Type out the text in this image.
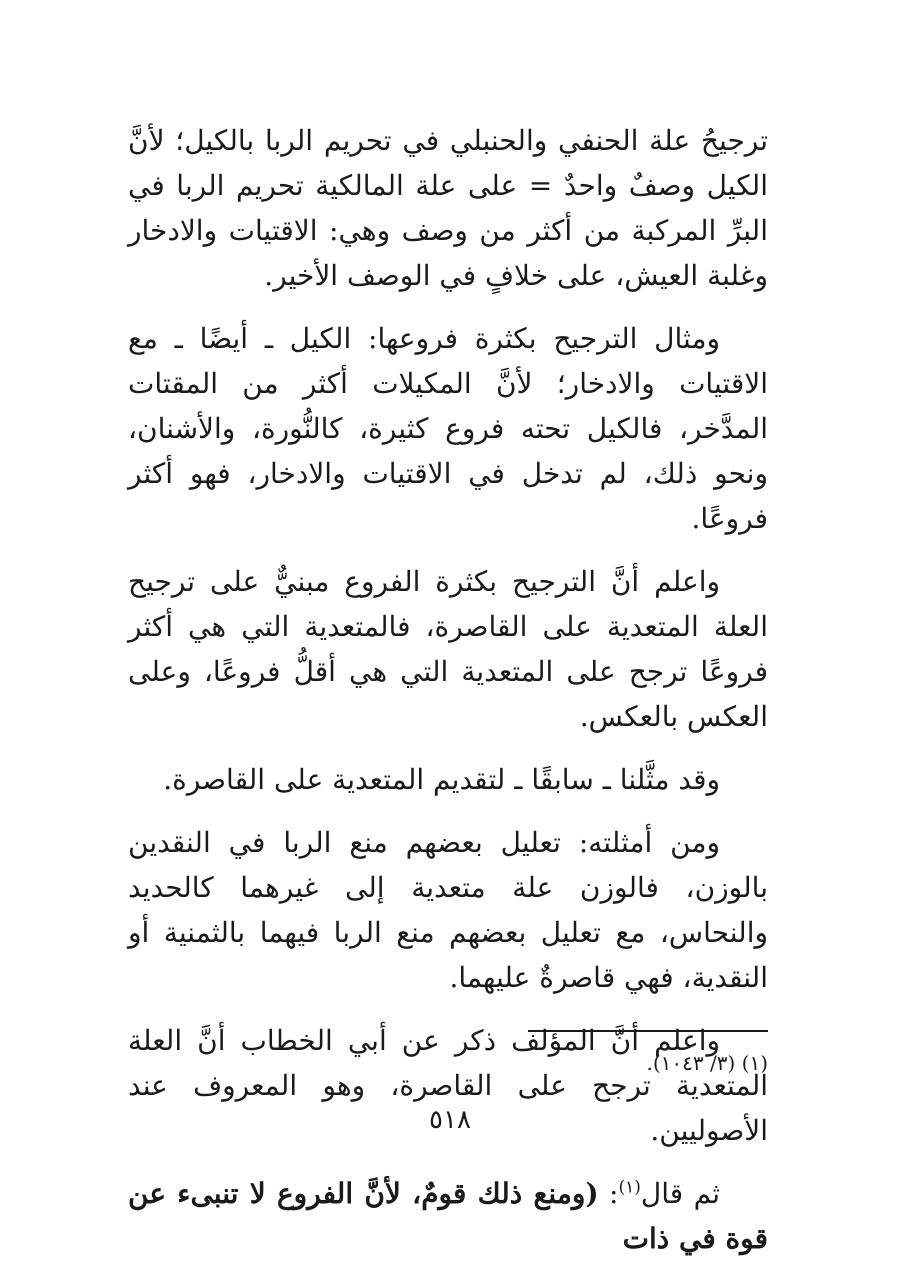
ترجيحُ علة الحنفي والحنبلي في تحريم الربا بالكيل؛ لأنَّ الكيل وصفٌ واحدٌ = على علة المالكية تحريم الربا في البرِّ المركبة من أكثر من وصف وهي: الاقتيات والادخار وغلبة العيش، على خلافٍ في الوصف الأخير.

ومثال الترجيح بكثرة فروعها: الكيل ـ أيضًا ـ مع الاقتيات والادخار؛ لأنَّ المكيلات أكثر من المقتات المدَّخر، فالكيل تحته فروع كثيرة، كالنُّورة، والأشنان، ونحو ذلك، لم تدخل في الاقتيات والادخار، فهو أكثر فروعًا.

واعلم أنَّ الترجيح بكثرة الفروع مبنيٌّ على ترجيح العلة المتعدية على القاصرة، فالمتعدية التي هي أكثر فروعًا ترجح على المتعدية التي هي أقلُّ فروعًا، وعلى العكس بالعكس.

وقد مثَّلنا ـ سابقًا ـ لتقديم المتعدية على القاصرة.

ومن أمثلته: تعليل بعضهم منع الربا في النقدين بالوزن، فالوزن علة متعدية إلى غيرهما كالحديد والنحاس، مع تعليل بعضهم منع الربا فيهما بالثمنية أو النقدية، فهي قاصرةٌ عليهما.

واعلم أنَّ المؤلف ذكر عن أبي الخطاب أنَّ العلة المتعدية ترجح على القاصرة، وهو المعروف عند الأصوليين.

ثم قال$^{(١)}$: (ومنع ذلك قومٌ، لأنَّ الفروع لا تنبىء عن قوة في ذات

(١) (٣/ ١٠٤٣).
٥١٨
